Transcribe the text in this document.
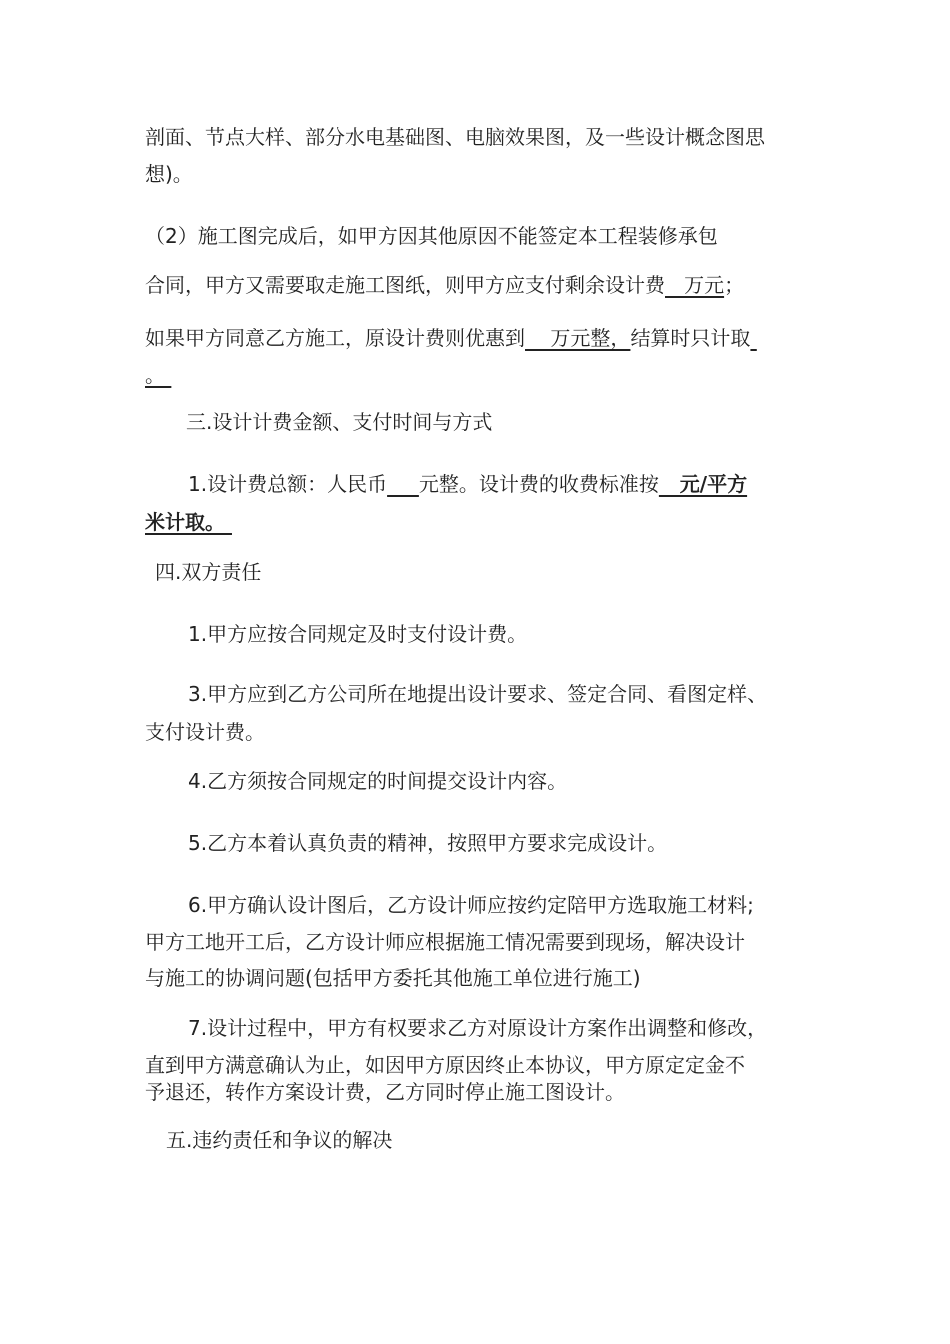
剖面、节点大样、部分水电基础图、电脑效果图，及一些设计概念图思
想)。
（2）施工图完成后，如甲方因其他原因不能签定本工程装修承包
合同，甲方又需要取走施工图纸，则甲方应支付剩余设计费   万元；
如果甲方同意乙方施工，原设计费则优惠到    万元整，结算时只计取
。
三.设计计费金额、支付时间与方式
1.设计费总额：人民币 元整。设计费的收费标准按   元/平方
米计取。
四.双方责任
1.甲方应按合同规定及时支付设计费。
3.甲方应到乙方公司所在地提出设计要求、签定合同、看图定样、
支付设计费。
4.乙方须按合同规定的时间提交设计内容。
5.乙方本着认真负责的精神，按照甲方要求完成设计。
6.甲方确认设计图后，乙方设计师应按约定陪甲方选取施工材料;
甲方工地开工后，乙方设计师应根据施工情况需要到现场，解决设计
与施工的协调问题(包括甲方委托其他施工单位进行施工)
7.设计过程中，甲方有权要求乙方对原设计方案作出调整和修改，
直到甲方满意确认为止，如因甲方原因终止本协议，甲方原定定金不
予退还，转作方案设计费，乙方同时停止施工图设计。
五.违约责任和争议的解决
